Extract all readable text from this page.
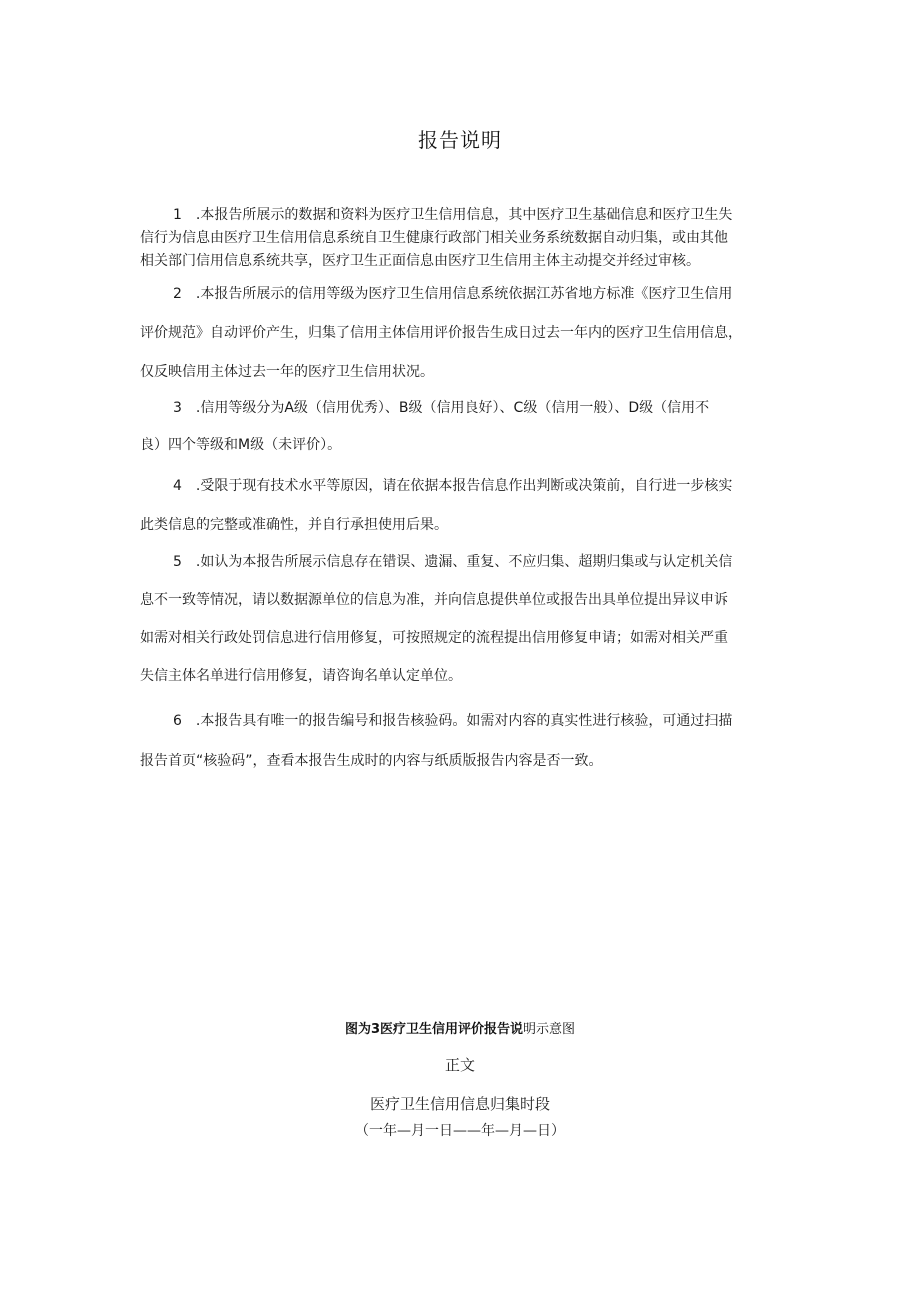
报告说明
1　.本报告所展示的数据和资料为医疗卫生信用信息，其中医疗卫生基础信息和医疗卫生失
信行为信息由医疗卫生信用信息系统自卫生健康行政部门相关业务系统数据自动归集，或由其他
相关部门信用信息系统共享，医疗卫生正面信息由医疗卫生信用主体主动提交并经过审核。
2　.本报告所展示的信用等级为医疗卫生信用信息系统依据江苏省地方标准《医疗卫生信用
评价规范》自动评价产生，归集了信用主体信用评价报告生成日过去一年内的医疗卫生信用信息，
仅反映信用主体过去一年的医疗卫生信用状况。
3　.信用等级分为A级（信用优秀）、B级（信用良好）、C级（信用一般）、D级（信用不
良）四个等级和M级（未评价）。
4　.受限于现有技术水平等原因，请在依据本报告信息作出判断或决策前，自行进一步核实
此类信息的完整或准确性，并自行承担使用后果。
5　.如认为本报告所展示信息存在错误、遗漏、重复、不应归集、超期归集或与认定机关信
息不一致等情况，请以数据源单位的信息为准，并向信息提供单位或报告出具单位提出异议申诉
如需对相关行政处罚信息进行信用修复，可按照规定的流程提出信用修复申请；如需对相关严重
失信主体名单进行信用修复，请咨询名单认定单位。
6　.本报告具有唯一的报告编号和报告核验码。如需对内容的真实性进行核验，可通过扫描
报告首页“核验码”，查看本报告生成时的内容与纸质版报告内容是否一致。
图为3医疗卫生信用评价报告说明示意图
正文
医疗卫生信用信息归集时段
（一年—月一日——年—月—日）
